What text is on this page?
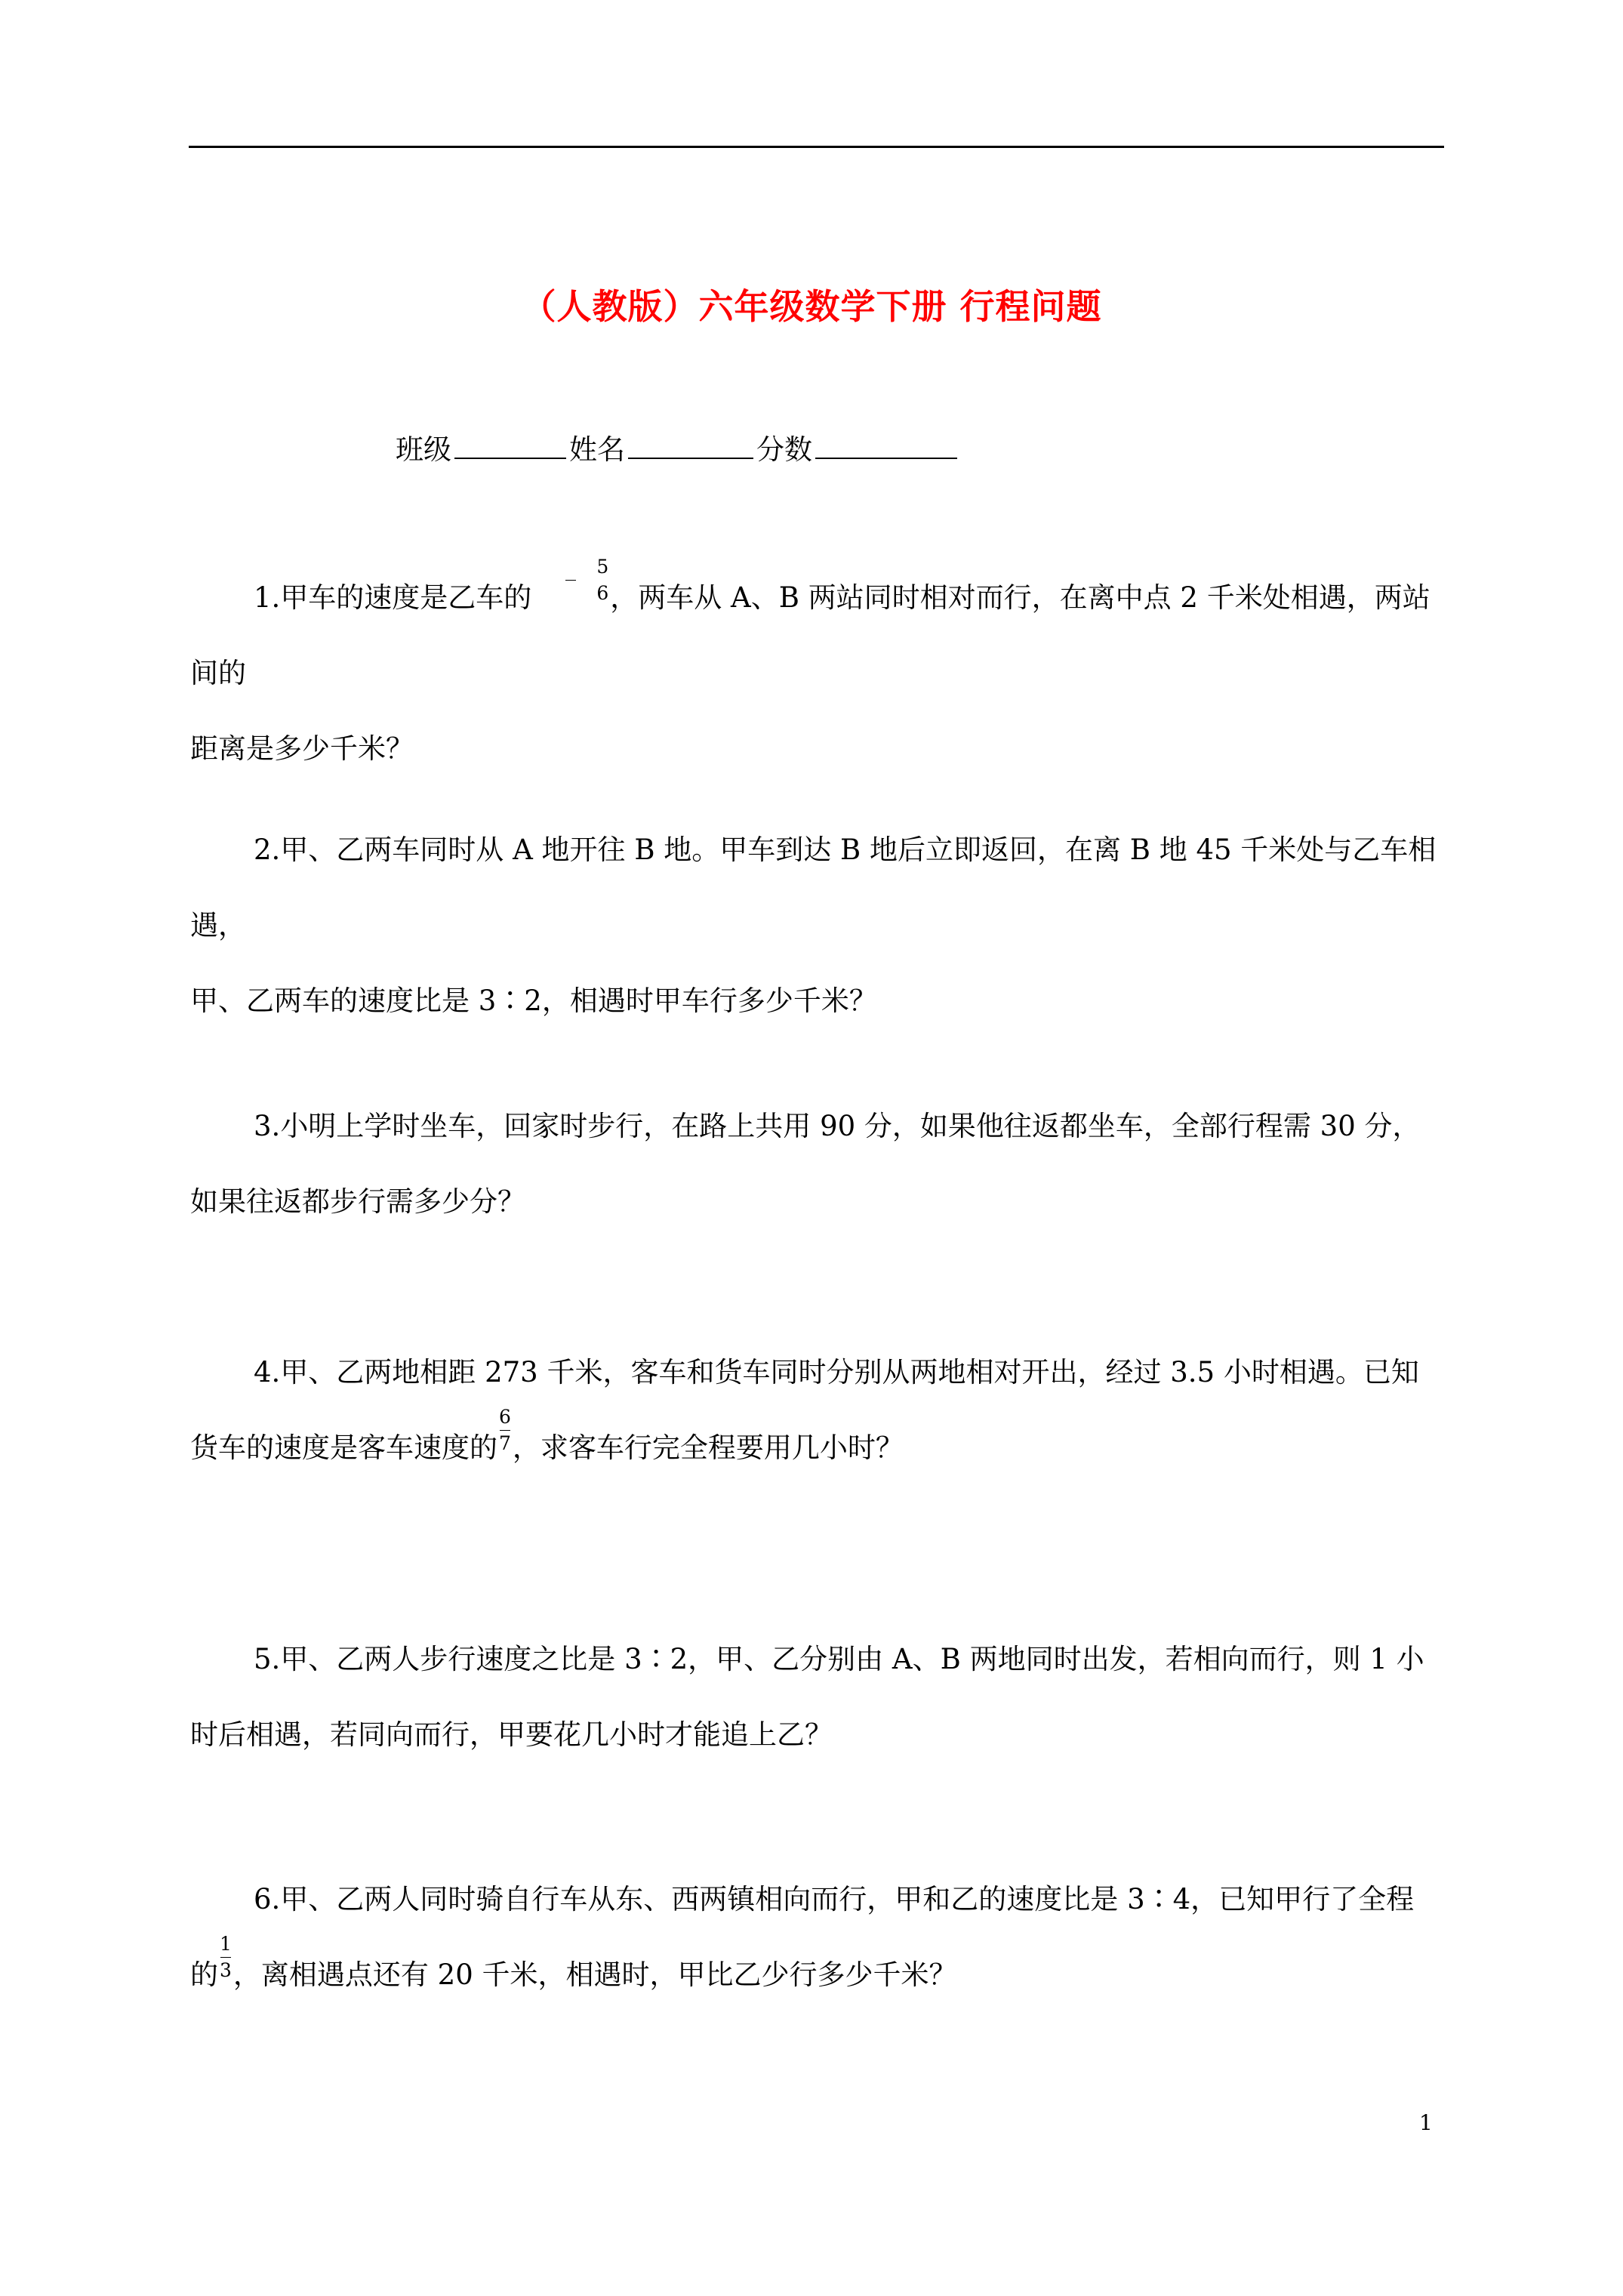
（人教版）六年级数学下册 行程问题
班级	姓名	分数

1.甲车的速度是乙车的 $\frac{5}{6}$ ，两车从 A、B 两站同时相对而行，在离中点 2 千米处相遇，两站间的

距离是多少千米？

2.甲、乙两车同时从 A 地开往 B 地。甲车到达 B 地后立即返回，在离 B 地 45 千米处与乙车相遇，

甲、乙两车的速度比是 3∶2，相遇时甲车行多少千米？

3.小明上学时坐车，回家时步行，在路上共用 90 分，如果他往返都坐车，全部行程需 30 分，

如果往返都步行需多少分？

4.甲、乙两地相距 273 千米，客车和货车同时分别从两地相对开出，经过 3.5 小时相遇。已知

货车的速度是客车速度的 $\frac{6}{7}$ ，求客车行完全程要用几小时？

5.甲、乙两人步行速度之比是 3∶2，甲、乙分别由 A、B 两地同时出发，若相向而行，则 1 小

时后相遇，若同向而行，甲要花几小时才能追上乙？

6.甲、乙两人同时骑自行车从东、西两镇相向而行，甲和乙的速度比是 3∶4，已知甲行了全程

的 $\frac{1}{3}$ ，离相遇点还有 20 千米，相遇时，甲比乙少行多少千米？

1
